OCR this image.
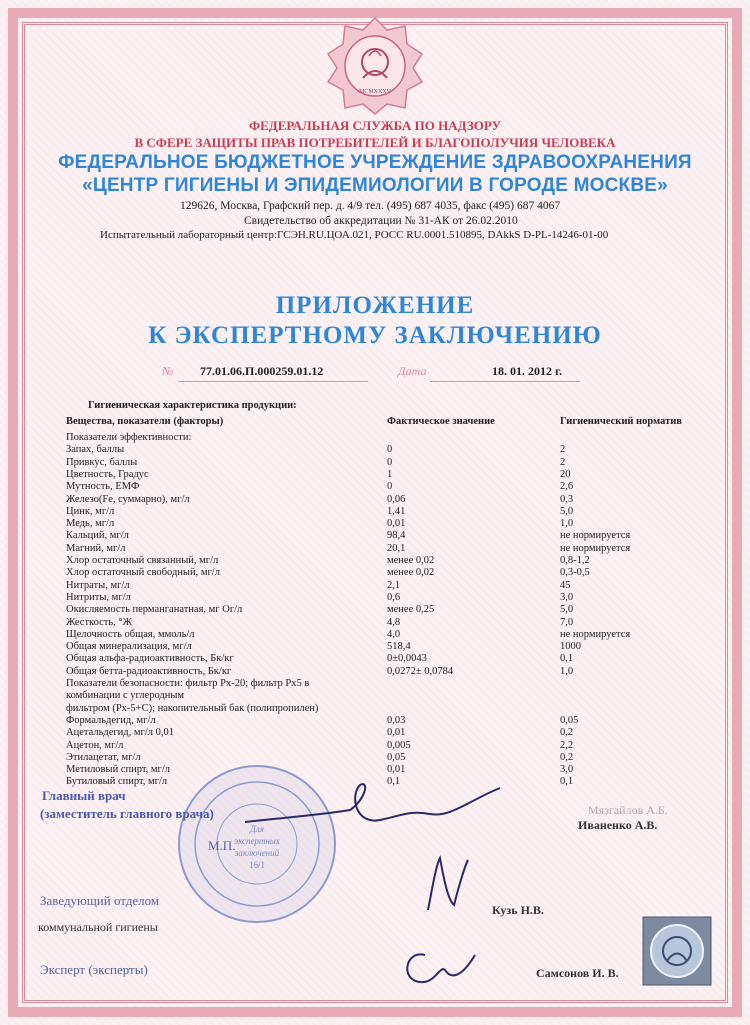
MCMXXXV
ФЕДЕРАЛЬНАЯ СЛУЖБА ПО НАДЗОРУ
В СФЕРЕ ЗАЩИТЫ ПРАВ ПОТРЕБИТЕЛЕЙ И БЛАГОПОЛУЧИЯ ЧЕЛОВЕКА
ФЕДЕРАЛЬНОЕ БЮДЖЕТНОЕ УЧРЕЖДЕНИЕ ЗДРАВООХРАНЕНИЯ
«ЦЕНТР ГИГИЕНЫ И ЭПИДЕМИОЛОГИИ В ГОРОДЕ МОСКВЕ»
129626, Москва, Графский пер. д. 4/9 тел. (495) 687 4035, факс (495) 687 4067
Свидетельство об аккредитации № 31-АК от 26.02.2010
Испытательный лабораторный центр:ГСЭН.RU.ЦОА.021, РОСС RU.0001.510895, DAkkS D-PL-14246-01-00
ПРИЛОЖЕНИЕ
К ЭКСПЕРТНОМУ ЗАКЛЮЧЕНИЮ
№ 77.01.06.П.000259.01.12	Дата	18. 01. 2012 г.
Гигиеническая характеристика продукции:
Вещества, показатели (факторы)	Фактическое значение	Гигиенический норматив
Показатели эффективности:
Запах, баллы	0	2
Привкус, баллы	0	2
Цветность, Градус	1	20
Мутность, ЕМФ	0	2,6
Железо(Fe, суммарно), мг/л	0,06	0,3
Цинк, мг/л	1,41	5,0
Медь, мг/л	0,01	1,0
Кальций, мг/л	98,4	не нормируется
Магний, мг/л	20,1	не нормируется
Хлор остаточный связанный, мг/л	менее 0,02	0,8-1,2
Хлор остаточный свободный, мг/л	менее 0,02	0,3-0,5
Нитраты, мг/л	2,1	45
Нитриты, мг/л	0,6	3,0
Окисляемость перманганатная, мг Ог/л	менее 0,25	5,0
Жесткость, °Ж	4,8	7,0
Щелочность общая, ммоль/л	4,0	не нормируется
Общая минерализация, мг/л	518,4	1000
Общая альфа-радиоактивность, Бк/кг	0±0,0043	0,1
Общая бетта-радиоактивность, Бк/кг	0,0272± 0,0784	1,0
Показатели безопасности: фильтр Рх-20; фильтр Рх5 в
комбинации с углеродным
фильтром (Рх-5+С); накопительный бак (полипропилен)
Формальдегид, мг/л	0,03	0,05
Ацетальдегид, мг/л 0,01	0,01	0,2
Ацетон, мг/л	0,005	2,2
Этилацетат, мг/л	0,05	0,2
Метиловый спирт, мг/л	0,01	3,0
Бутиловый спирт, мг/л	0,1	0,1
Для
экспертных
заключений
16/1
Главный врач
(заместитель главного врача)	Мязгайлов А.Б.
Иваненко А.В.
М.П.
Заведующий отделом
коммунальной гигиены
Кузь Н.В.
Эксперт (эксперты)	Самсонов И. В.
